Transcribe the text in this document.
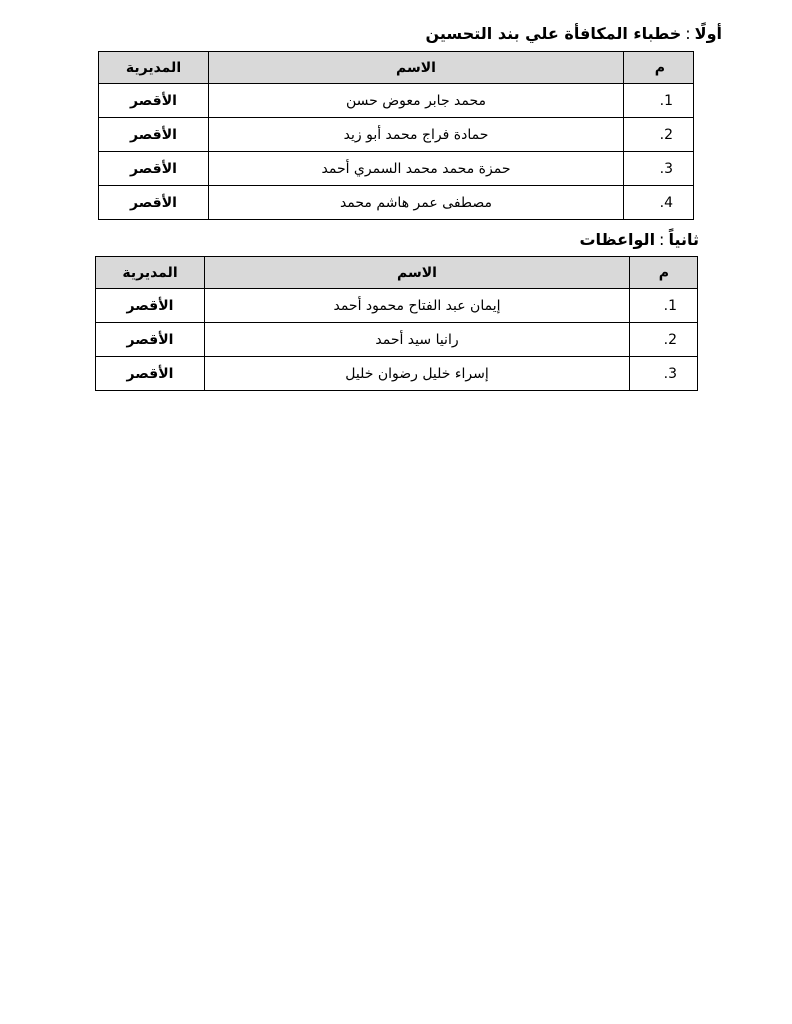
أولًا:خطباء المكافأة علي بند التحسين
م	الاسم	المديرية
1.	محمد جابر معوض حسن	الأقصر
2.	حمادة فراج محمد أبو زيد	الأقصر
3.	حمزة محمد محمد السمري أحمد	الأقصر
4.	مصطفى عمر هاشم محمد	الأقصر
ثانياً:الواعظات
م	الاسم	المديرية
1.	إيمان عبد الفتاح محمود أحمد	الأقصر
2.	رانيا سيد أحمد	الأقصر
3.	إسراء خليل رضوان خليل	الأقصر
